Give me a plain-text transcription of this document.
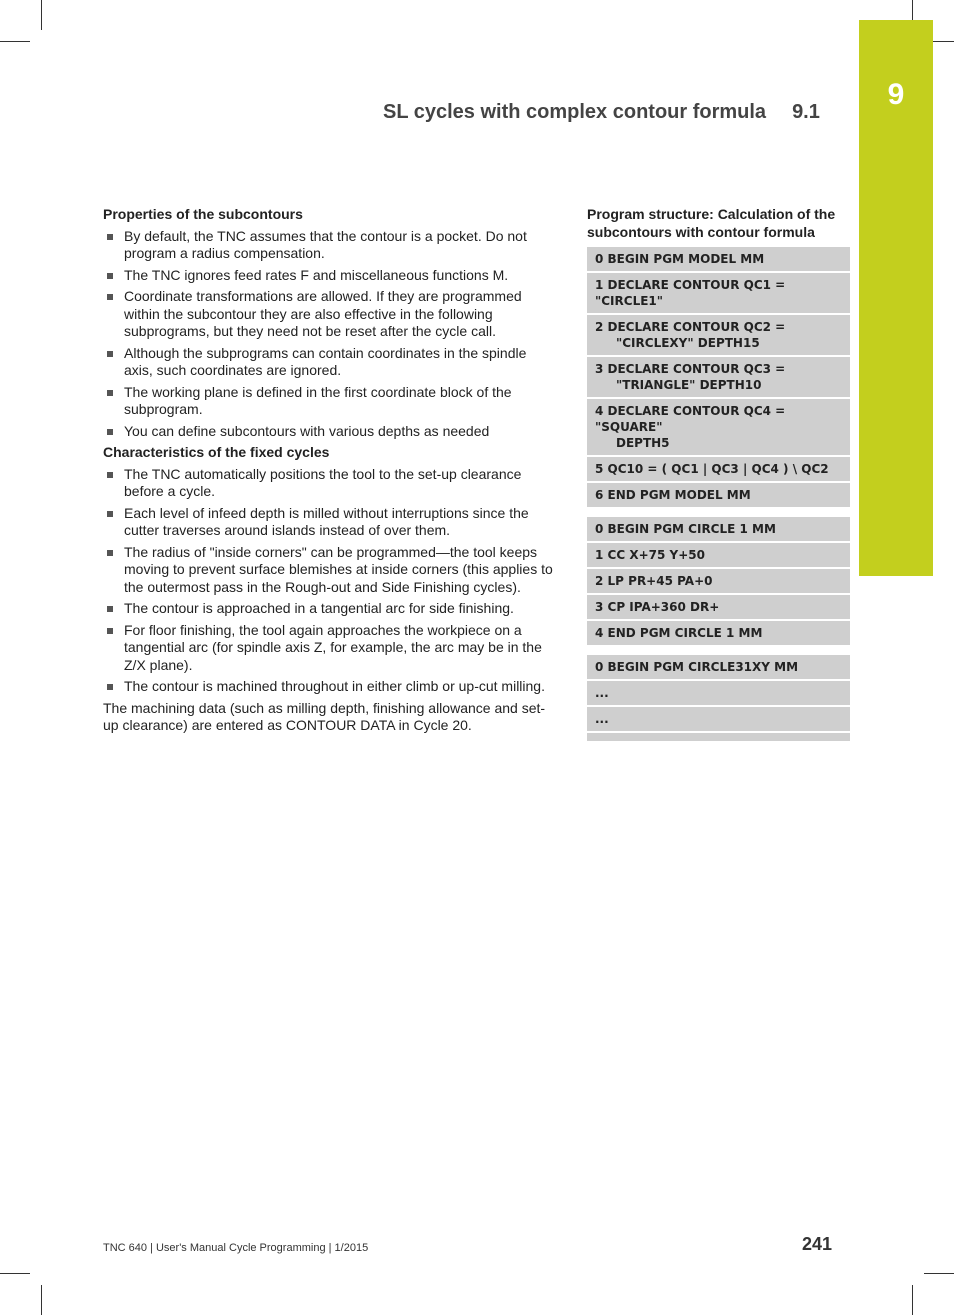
9
SL cycles with complex contour formula 9.1
Properties of the subcontours
By default, the TNC assumes that the contour is a pocket. Do not program a radius compensation.
The TNC ignores feed rates F and miscellaneous functions M.
Coordinate transformations are allowed. If they are programmed within the subcontour they are also effective in the following subprograms, but they need not be reset after the cycle call.
Although the subprograms can contain coordinates in the spindle axis, such coordinates are ignored.
The working plane is defined in the first coordinate block of the subprogram.
You can define subcontours with various depths as needed
Characteristics of the fixed cycles
The TNC automatically positions the tool to the set-up clearance before a cycle.
Each level of infeed depth is milled without interruptions since the cutter traverses around islands instead of over them.
The radius of "inside corners" can be programmed—the tool keeps moving to prevent surface blemishes at inside corners (this applies to the outermost pass in the Rough-out and Side Finishing cycles).
The contour is approached in a tangential arc for side finishing.
For floor finishing, the tool again approaches the workpiece on a tangential arc (for spindle axis Z, for example, the arc may be in the Z/X plane).
The contour is machined throughout in either climb or up-cut milling.

The machining data (such as milling depth, finishing allowance and set-up clearance) are entered as CONTOUR DATA in Cycle 20.

Program structure: Calculation of the subcontours with contour formula
0 BEGIN PGM MODEL MM
1 DECLARE CONTOUR QC1 = "CIRCLE1"
2 DECLARE CONTOUR QC2 =
"CIRCLEXY" DEPTH15
3 DECLARE CONTOUR QC3 =
"TRIANGLE" DEPTH10
4 DECLARE CONTOUR QC4 = "SQUARE"
DEPTH5
5 QC10 = ( QC1 | QC3 | QC4 ) \ QC2
6 END PGM MODEL MM
0 BEGIN PGM CIRCLE 1 MM
1 CC X+75 Y+50
2 LP PR+45 PA+0
3 CP IPA+360 DR+
4 END PGM CIRCLE 1 MM
0 BEGIN PGM CIRCLE31XY MM
...
...
TNC 640 | User's Manual Cycle Programming | 1/2015	241
